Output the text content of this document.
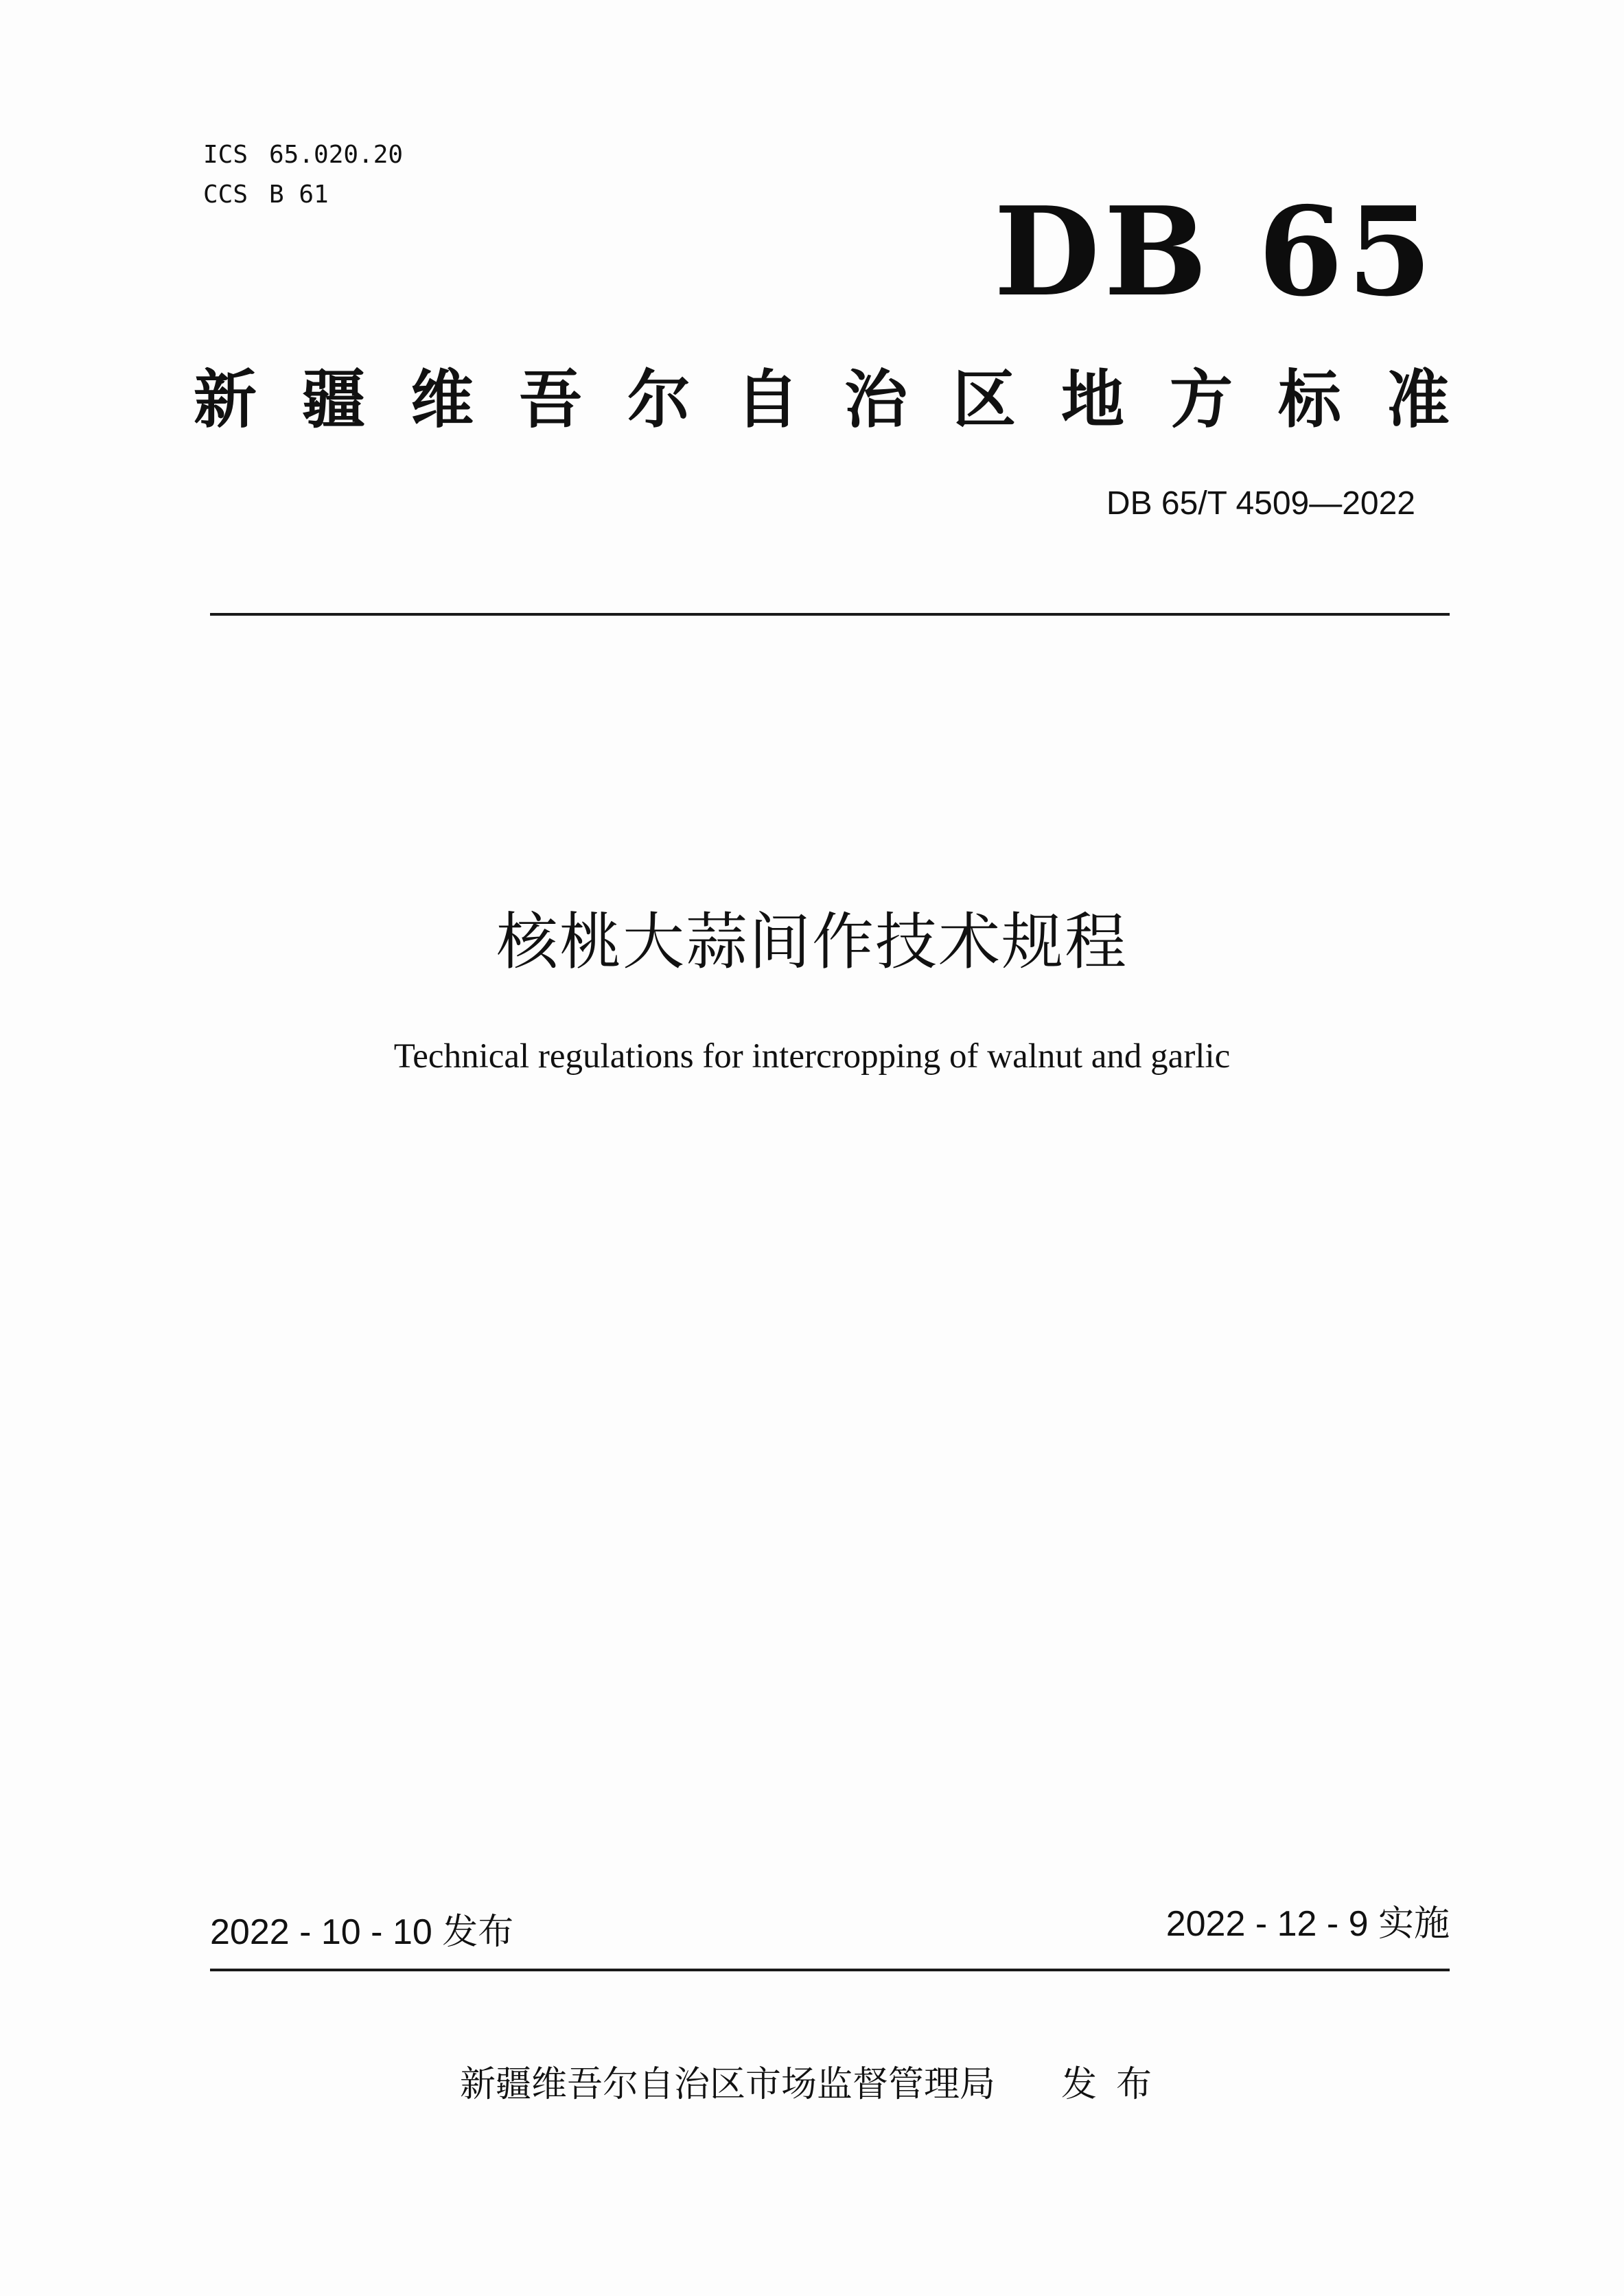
ICS 65.020.20
CCS B 61	DB 65
新疆维吾尔自治区地方标准
DB 65/T 4509—2022
核桃大蒜间作技术规程
Technical regulations for intercropping of walnut and garlic
2022 - 10 - 10 发布	2022 - 12 - 9 实施
新疆维吾尔自治区市场监督管理局 发布
